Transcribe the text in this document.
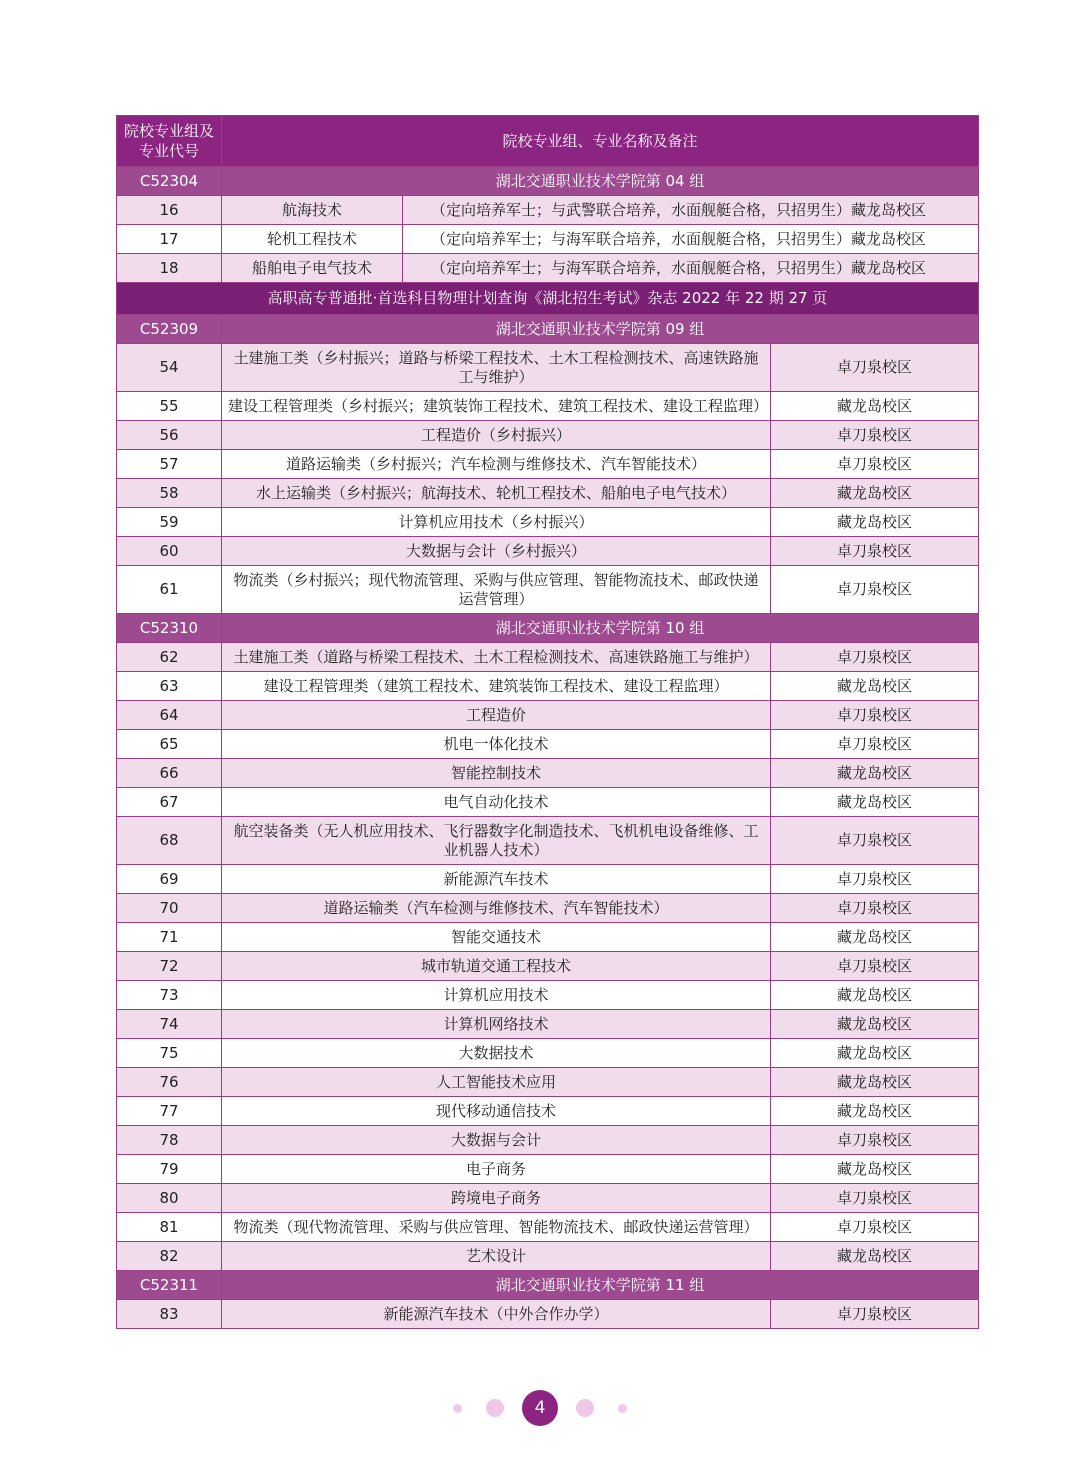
院校专业组及专业代号	院校专业组、专业名称及备注		
C52304	湖北交通职业技术学院第 04 组		
16	航海技术	（定向培养军士；与武警联合培养，水面舰艇合格，只招男生）藏龙岛校区	
17	轮机工程技术	（定向培养军士；与海军联合培养，水面舰艇合格，只招男生）藏龙岛校区	
18	船舶电子电气技术	（定向培养军士；与海军联合培养，水面舰艇合格，只招男生）藏龙岛校区	
高职高专普通批·首选科目物理计划查询《湖北招生考试》杂志 2022 年 22 期 27 页			
C52309	湖北交通职业技术学院第 09 组		
54	土建施工类（乡村振兴；道路与桥梁工程技术、土木工程检测技术、高速铁路施工与维护）		卓刀泉校区
55	建设工程管理类（乡村振兴；建筑装饰工程技术、建筑工程技术、建设工程监理）		藏龙岛校区
56	工程造价（乡村振兴）		卓刀泉校区
57	道路运输类（乡村振兴；汽车检测与维修技术、汽车智能技术）		卓刀泉校区
58	水上运输类（乡村振兴；航海技术、轮机工程技术、船舶电子电气技术）		藏龙岛校区
59	计算机应用技术（乡村振兴）		藏龙岛校区
60	大数据与会计（乡村振兴）		卓刀泉校区
61	物流类（乡村振兴；现代物流管理、采购与供应管理、智能物流技术、邮政快递运营管理）		卓刀泉校区
C52310	湖北交通职业技术学院第 10 组		
62	土建施工类（道路与桥梁工程技术、土木工程检测技术、高速铁路施工与维护）		卓刀泉校区
63	建设工程管理类（建筑工程技术、建筑装饰工程技术、建设工程监理）		藏龙岛校区
64	工程造价		卓刀泉校区
65	机电一体化技术		卓刀泉校区
66	智能控制技术		藏龙岛校区
67	电气自动化技术		藏龙岛校区
68	航空装备类（无人机应用技术、飞行器数字化制造技术、飞机机电设备维修、工业机器人技术）		卓刀泉校区
69	新能源汽车技术		卓刀泉校区
70	道路运输类（汽车检测与维修技术、汽车智能技术）		卓刀泉校区
71	智能交通技术		藏龙岛校区
72	城市轨道交通工程技术		卓刀泉校区
73	计算机应用技术		藏龙岛校区
74	计算机网络技术		藏龙岛校区
75	大数据技术		藏龙岛校区
76	人工智能技术应用		藏龙岛校区
77	现代移动通信技术		藏龙岛校区
78	大数据与会计		卓刀泉校区
79	电子商务		藏龙岛校区
80	跨境电子商务		卓刀泉校区
81	物流类（现代物流管理、采购与供应管理、智能物流技术、邮政快递运营管理）		卓刀泉校区
82	艺术设计		藏龙岛校区
C52311	湖北交通职业技术学院第 11 组		
83	新能源汽车技术（中外合作办学）		卓刀泉校区
4
